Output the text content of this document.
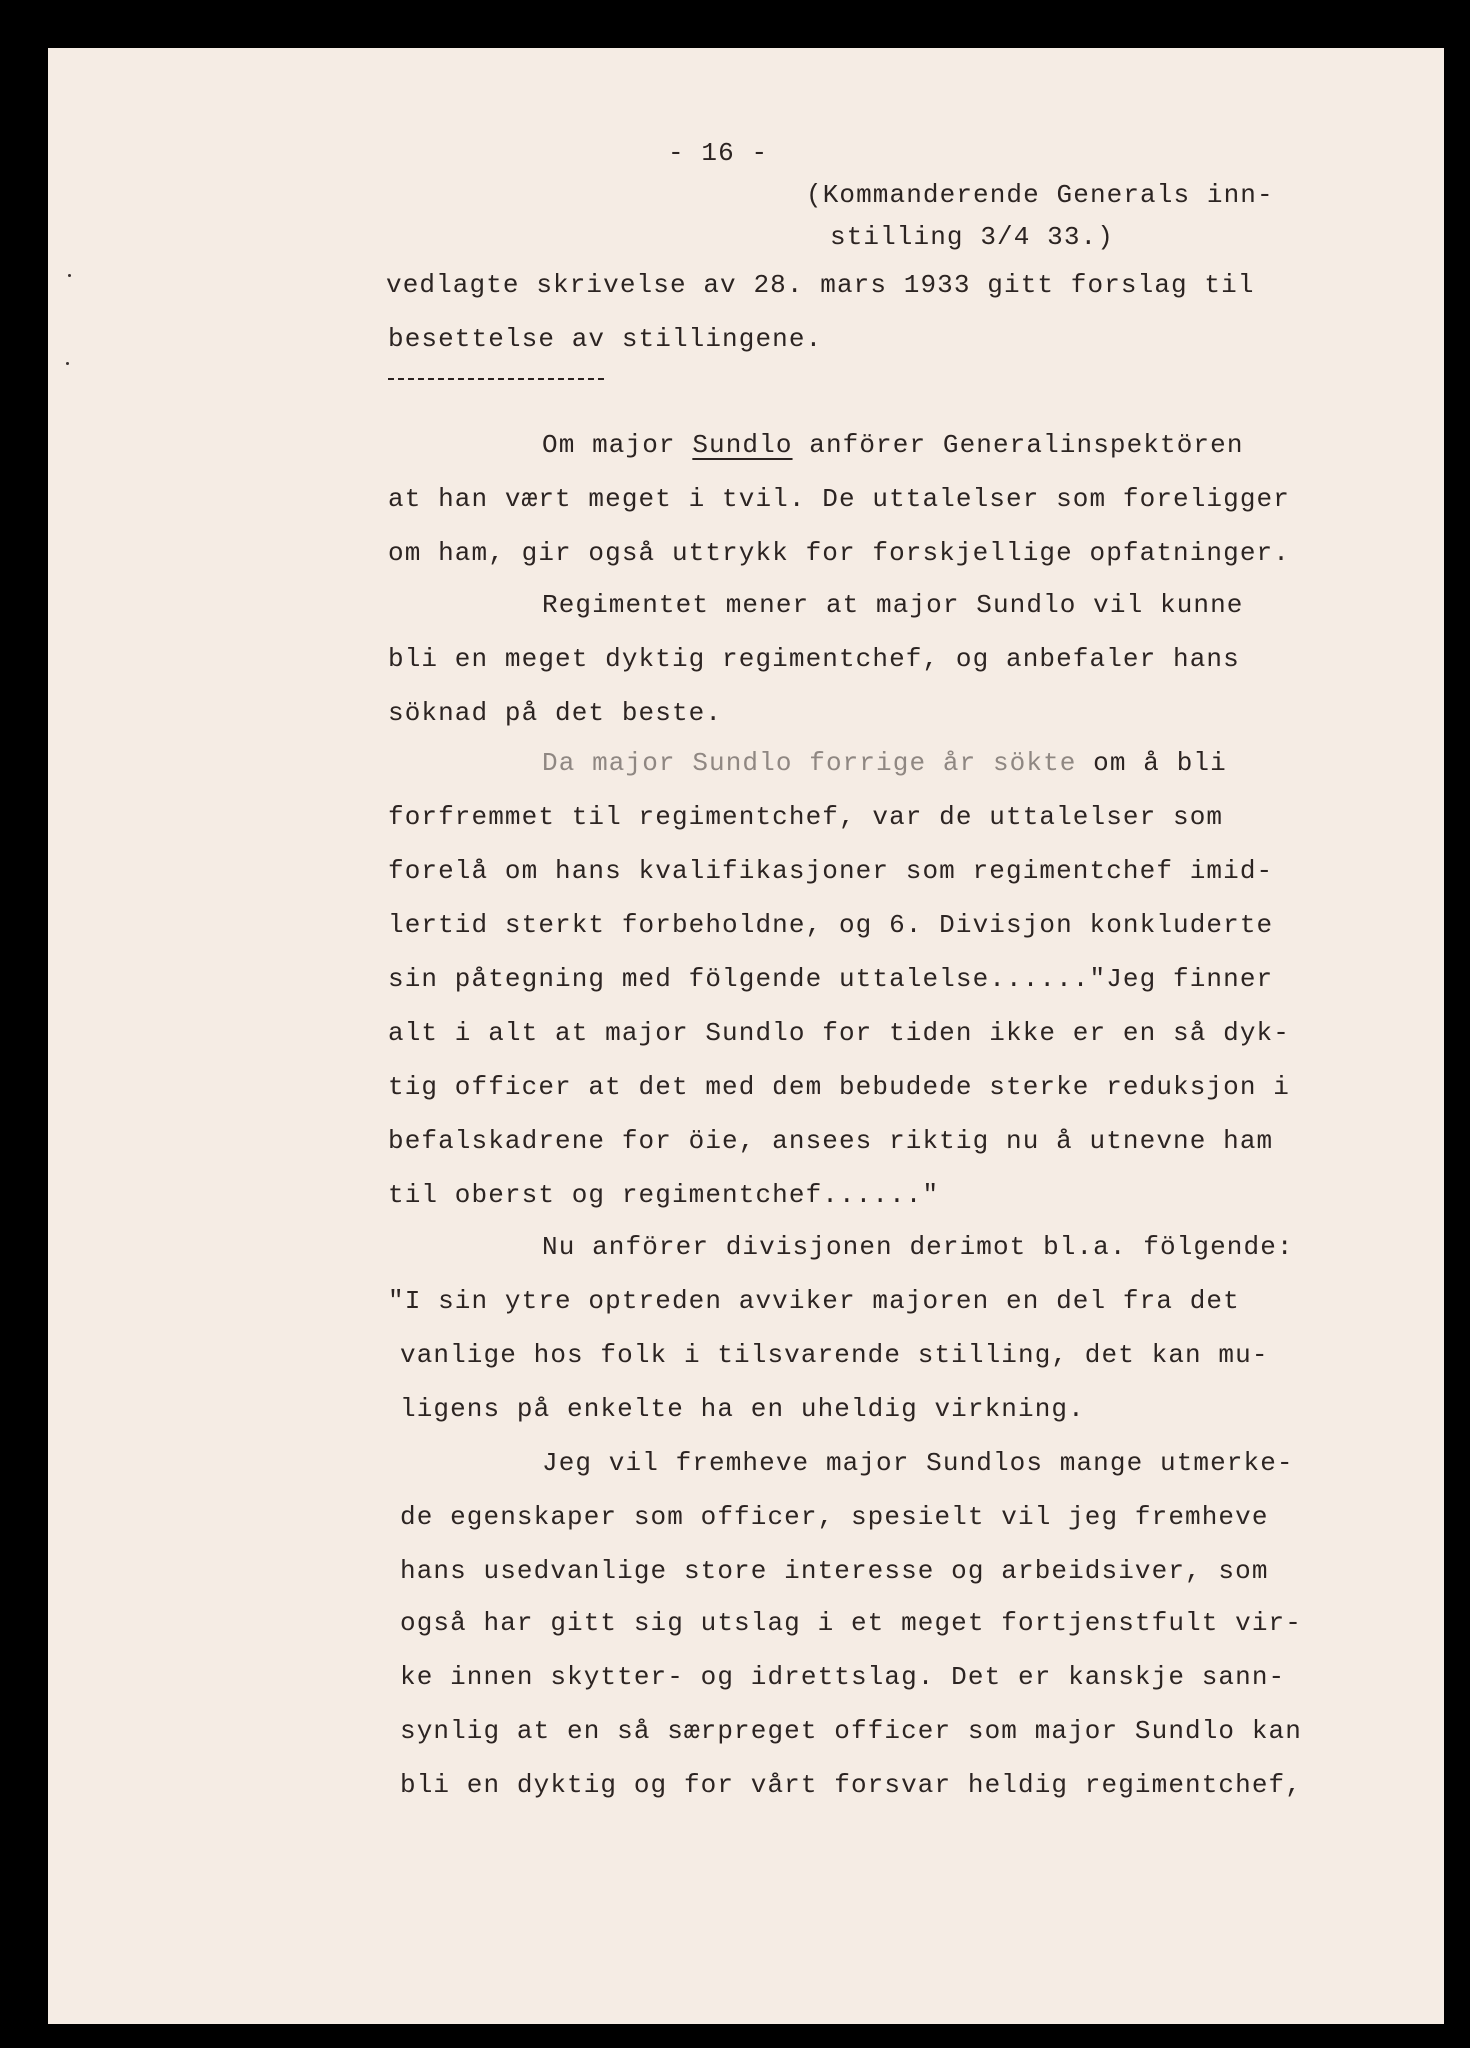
- 16 -

(Kommanderende Generals inn-

stilling 3/4 33.)

vedlagte skrivelse av 28. mars 1933 gitt forslag til

besettelse av stillingene.

Om major Sundlo anförer Generalinspektören

at han vært meget i tvil. De uttalelser som foreligger

om ham, gir også uttrykk for forskjellige opfatninger.

Regimentet mener at major Sundlo vil kunne

bli en meget dyktig regimentchef, og anbefaler hans

söknad på det beste.

Da major Sundlo forrige år sökte om å bli

forfremmet til regimentchef, var de uttalelser som

forelå om hans kvalifikasjoner som regimentchef imid-

lertid sterkt forbeholdne, og 6. Divisjon konkluderte

sin påtegning med fölgende uttalelse......"Jeg finner

alt i alt at major Sundlo for tiden ikke er en så dyk-

tig officer at det med dem bebudede sterke reduksjon i

befalskadrene for öie, ansees riktig nu å utnevne ham

til oberst og regimentchef......"

Nu anförer divisjonen derimot bl.a. fölgende:

"I sin ytre optreden avviker majoren en del fra det

vanlige hos folk i tilsvarende stilling, det kan mu-

ligens på enkelte ha en uheldig virkning.

Jeg vil fremheve major Sundlos mange utmerke-

de egenskaper som officer, spesielt vil jeg fremheve

hans usedvanlige store interesse og arbeidsiver, som

også har gitt sig utslag i et meget fortjenstfult vir-

ke innen skytter- og idrettslag. Det er kanskje sann-

synlig at en så særpreget officer som major Sundlo kan

bli en dyktig og for vårt forsvar heldig regimentchef,
